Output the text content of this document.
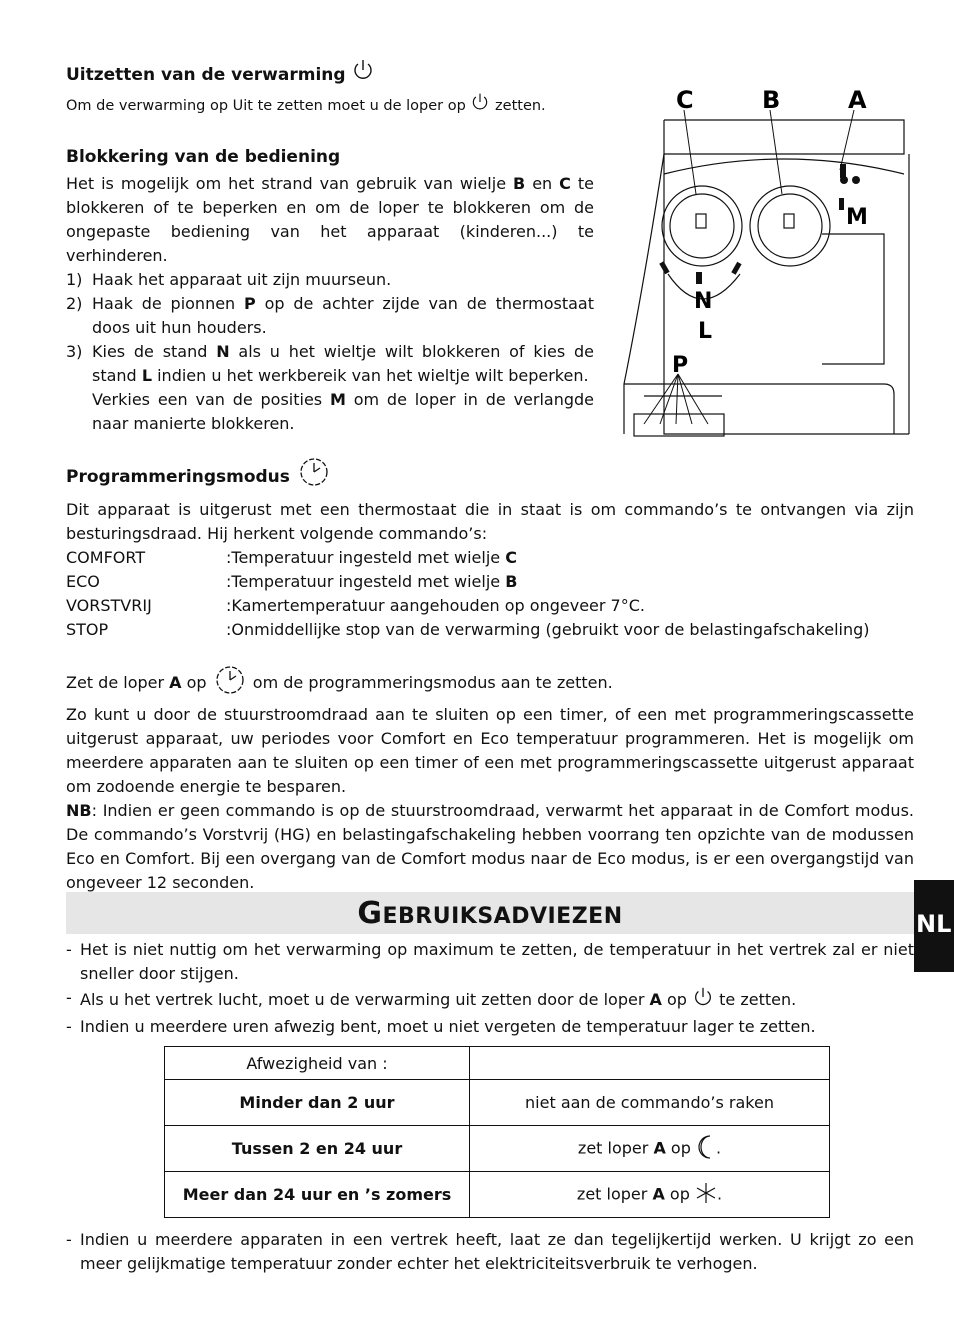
Uitzetten van de verwarming

Om de verwarming op Uit te zetten moet u de loper op zetten.

Blokkering van de bediening

Het is mogelijk om het strand van gebruik van wielje B en C te blokkeren of te beperken en om de loper te blokkeren om de ongepaste bediening van het apparaat (kinderen...) te verhinderen.
1) Haak het apparaat uit zijn muurseun.
2) Haak de pionnen P op de achter zijde van de thermostaat doos uit hun houders.
3) Kies de stand N als u het wieltje wilt blokkeren of kies de stand L indien u het werkbereik van het wieltje wilt beperken.
Verkies een van de posities M om de loper in de verlangde naar manierte blokkeren.

Programmeringsmodus

Dit apparaat is uitgerust met een thermostaat die in staat is om commando’s te ontvangen via zijn besturingsdraad. Hij herkent volgende commando’s:
COMFORT	:Temperatuur ingesteld met wielje C
ECO	:Temperatuur ingesteld met wielje B
VORSTVRIJ	:Kamertemperatuur aangehouden op ongeveer 7°C.
STOP	:Onmiddellijke stop van de verwarming (gebruikt voor de belastingafschakeling)
Zet de loper A op	om de programmeringsmodus aan te zetten.
Zo kunt u door de stuurstroomdraad aan te sluiten op een timer, of een met programmeringscassette uitgerust apparaat, uw periodes voor Comfort en Eco temperatuur programmeren. Het is mogelijk om meerdere apparaten aan te sluiten op een timer of een met programmeringscassette uitgerust apparaat om zodoende energie te besparen.
NB: Indien er geen commando is op de stuurstroomdraad, verwarmt het apparaat in de Comfort modus. De commando’s Vorstvrij (HG) en belastingafschakeling hebben voorrang ten opzichte van de modussen Eco en Comfort. Bij een overgang van de Comfort modus naar de Eco modus, is er een overgangstijd van ongeveer 12 seconden.
C	B	A
M
N
L
P
GEBRUIKSADVIEZEN	NL
- Het is niet nuttig om het verwarming op maximum te zetten, de temperatuur in het vertrek zal er niet sneller door stijgen.
- Als u het vertrek lucht, moet u de verwarming uit zetten door de loper A op te zetten.
- Indien u meerdere uren afwezig bent, moet u niet vergeten de temperatuur lager te zetten.
Afwezigheid van :	
Minder dan 2 uur	niet aan de commando’s raken
Tussen 2 en 24 uur	zet loper A op .
Meer dan 24 uur en ’s zomers	zet loper A op .
- Indien u meerdere apparaten in een vertrek heeft, laat ze dan tegelijkertijd werken. U krijgt zo een meer gelijkmatige temperatuur zonder echter het elektriciteitsverbruik te verhogen.
